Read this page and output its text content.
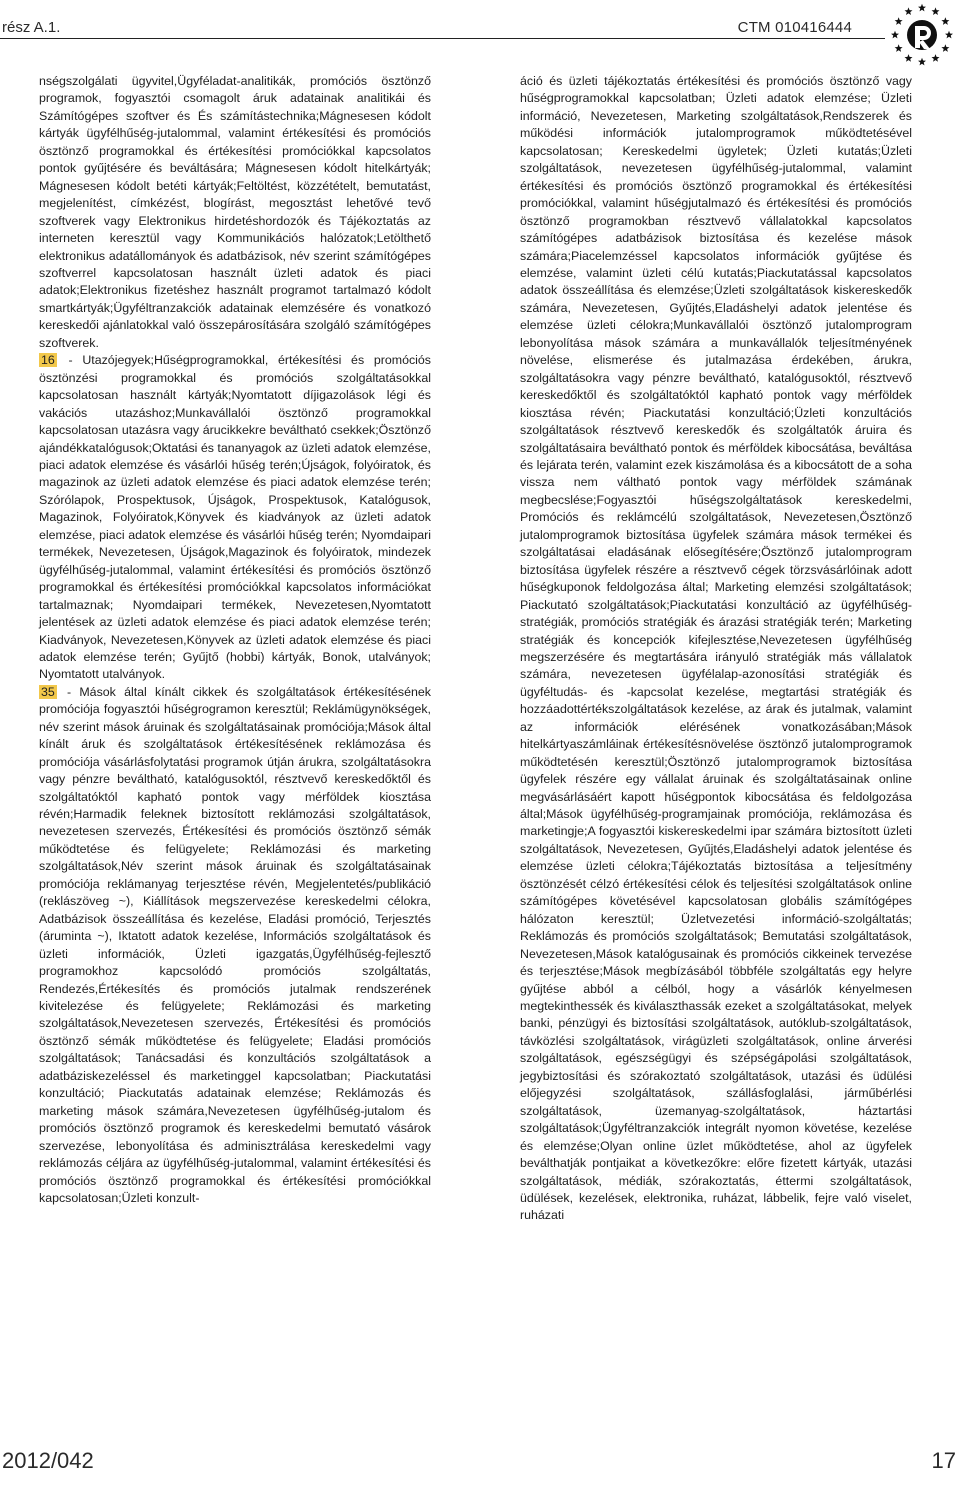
rész A.1.	CTM 010416444

nségszolgálati ügyvitel,Ügyféladat-analitikák, promóciós ösztönző programok, fogyasztói csomagolt áruk adatainak analitikái és Számítógépes szoftver és És számítástechnika;Mágnesesen kódolt kártyák ügyfélhűség-jutalommal, valamint értékesítési és promóciós ösztönző programokkal és értékesítési promóciókkal kapcsolatos pontok gyűjtésére és beváltására; Mágnesesen kódolt hitelkártyák; Mágnesesen kódolt betéti kártyák;Feltöltést, közzétételt, bemutatást, megjelenítést, címkézést, blogírást, megosztást lehetővé tevő szoftverek vagy Elektronikus hirdetéshordozók és Tájékoztatás az interneten keresztül vagy Kommunikációs halózatok;Letölthető elektronikus adatállományok és adatbázisok, név szerint számítógépes szoftverrel kapcsolatosan használt üzleti adatok és piaci adatok;Elektronikus fizetéshez használt programot tartalmazó kódolt smartkártyák;Ügyféltranzakciók adatainak elemzésére és vonatkozó kereskedői ajánlatokkal való összepárosítására szolgáló számítógépes szoftverek.

16 - Utazójegyek;Hűségprogramokkal, értékesítési és promóciós ösztönzési programokkal és promóciós szolgáltatásokkal kapcsolatosan használt kártyák;Nyomtatott díjigazolások légi és vakációs utazáshoz;Munkavállalói ösztönző programokkal kapcsolatosan utazásra vagy árucikkekre beváltható csekkek;Ösztönző ajándékkatalógusok;Oktatási és tananyagok az üzleti adatok elemzése, piaci adatok elemzése és vásárlói hűség terén;Újságok, folyóiratok, és magazinok az üzleti adatok elemzése és piaci adatok elemzése terén; Szórólapok, Prospektusok, Újságok, Prospektusok, Katalógusok, Magazinok, Folyóiratok,Könyvek és kiadványok az üzleti adatok elemzése, piaci adatok elemzése és vásárlói hűség terén; Nyomdaipari termékek, Nevezetesen, Újságok,Magazinok és folyóiratok, mindezek ügyfélhűség-jutalommal, valamint értékesítési és promóciós ösztönző programokkal és értékesítési promóciókkal kapcsolatos információkat tartalmaznak; Nyomdaipari termékek, Nevezetesen,Nyomtatott jelentések az üzleti adatok elemzése és piaci adatok elemzése terén; Kiadványok, Nevezetesen,Könyvek az üzleti adatok elemzése és piaci adatok elemzése terén; Gyűjtő (hobbi) kártyák, Bonok, utalványok; Nyomtatott utalványok.

35 - Mások által kínált cikkek és szolgáltatások értékesítésének promóciója fogyasztói hűségrogramon keresztül; Reklámügynökségek, név szerint mások áruinak és szolgáltatásainak promóciója;Mások által kínált áruk és szolgáltatások értékesítésének reklámozása és promóciója vásárlásfolytatási programok útján árukra, szolgáltatásokra vagy pénzre beváltható, katalógusoktól, résztvevő kereskedőktől és szolgáltatóktól kapható pontok vagy mérföldek kiosztása révén;Harmadik feleknek biztosított reklámozási szolgáltatások, nevezetesen szervezés, Értékesítési és promóciós ösztönző sémák működtetése és felügyelete; Reklámozási és marketing szolgáltatások,Név szerint mások áruinak és szolgáltatásainak promóciója reklámanyag terjesztése révén, Megjelentetés/publikáció (reklászöveg ~), Kiállítások megszervezése kereskedelmi célokra, Adatbázisok összeállítása és kezelése, Eladási promóció, Terjesztés (áruminta ~), Iktatott adatok kezelése, Információs szolgáltatások és üzleti információk, Üzleti igazgatás,Ügyfélhűség-fejlesztő programokhoz kapcsolódó promóciós szolgáltatás, Rendezés,Értékesítés és promóciós jutalmak rendszerének kivitelezése és felügyelete; Reklámozási és marketing szolgáltatások,Nevezetesen szervezés, Értékesítési és promóciós ösztönző sémák működtetése és felügyelete; Eladási promóciós szolgáltatások; Tanácsadási és konzultációs szolgáltatások a adatbáziskezeléssel és marketinggel kapcsolatban; Piackutatási konzultáció; Piackutatás adatainak elemzése; Reklámozás és marketing mások számára,Nevezetesen ügyfélhűség-jutalom és promóciós ösztönző programok és kereskedelmi bemutató vásárok szervezése, lebonyolítása és adminisztrálása kereskedelmi vagy reklámozás céljára az ügyfélhűség-jutalommal, valamint értékesítési és promóciós ösztönző programokkal és értékesítési promóciókkal kapcsolatosan;Üzleti konzult-

áció és üzleti tájékoztatás értékesítési és promóciós ösztönző vagy hűségprogramokkal kapcsolatban; Üzleti adatok elemzése; Üzleti információ, Nevezetesen, Marketing szolgáltatások,Rendszerek és működési információk jutalomprogramok működtetésével kapcsolatosan; Kereskedelmi ügyletek; Üzleti kutatás;Üzleti szolgáltatások, nevezetesen ügyfélhűség-jutalommal, valamint értékesítési és promóciós ösztönző programokkal és értékesítési promóciókkal, valamint hűségjutalmazó és értékesítési és promóciós ösztönző programokban résztvevő vállalatokkal kapcsolatos számítógépes adatbázisok biztosítása és kezelése mások számára;Piacelemzéssel kapcsolatos információk gyűjtése és elemzése, valamint üzleti célú kutatás;Piackutatással kapcsolatos adatok összeállítása és elemzése;Üzleti szolgáltatások kiskereskedők számára, Nevezetesen, Gyűjtés,Eladáshelyi adatok jelentése és elemzése üzleti célokra;Munkavállalói ösztönző jutalomprogram lebonyolítása mások számára a munkavállalók teljesítményének növelése, elismerése és jutalmazása érdekében, árukra, szolgáltatásokra vagy pénzre beváltható, katalógusoktól, résztvevő kereskedőktől és szolgáltatóktól kapható pontok vagy mérföldek kiosztása révén; Piackutatási konzultáció;Üzleti konzultációs szolgáltatások résztvevő kereskedők és szolgáltatók áruira és szolgáltatásaira beváltható pontok és mérföldek kibocsátása, beváltása és lejárata terén, valamint ezek kiszámolása és a kibocsátott de a soha vissza nem váltható pontok vagy mérföldek számának megbecslése;Fogyasztói hűségszolgáltatások kereskedelmi, Promóciós és reklámcélú szolgáltatások, Nevezetesen,Ösztönző jutalomprogramok biztosítása ügyfelek számára mások termékei és szolgáltatásai eladásának elősegítésére;Ösztönző jutalomprogram biztosítása ügyfelek részére a résztvevő cégek törzsvásárlóinak adott hűségkuponok feldolgozása által; Marketing elemzési szolgáltatások; Piackutató szolgáltatások;Piackutatási konzultáció az ügyfélhűség-stratégiák, promóciós stratégiák és árazási stratégiák terén; Marketing stratégiák és koncepciók kifejlesztése,Nevezetesen ügyfélhűség megszerzésére és megtartására irányuló stratégiák más vállalatok számára, nevezetesen ügyfélalap-azonosítási stratégiák és ügyféltudás- és -kapcsolat kezelése, megtartási stratégiák és hozzáadottértékszolgáltatások kezelése, az árak és jutalmak, valamint az információk elérésének vonatkozásában;Mások hitelkártyaszámláinak értékesítésnövelése ösztönző jutalomprogramok működtetésén keresztül;Ösztönző jutalomprogramok biztosítása ügyfelek részére egy vállalat áruinak és szolgáltatásainak online megvásárlásáért kapott hűségpontok kibocsátása és feldolgozása által;Mások ügyfélhűség-programjainak promóciója, reklámozása és marketingje;A fogyasztói kiskereskedelmi ipar számára biztosított üzleti szolgáltatások, Nevezetesen, Gyűjtés,Eladáshelyi adatok jelentése és elemzése üzleti célokra;Tájékoztatás biztosítása a teljesítmény ösztönzését célzó értékesítési célok és teljesítési szolgáltatások online számítógépes követésével kapcsolatosan globális számítógépes hálózaton keresztül; Üzletvezetési információ-szolgáltatás; Reklámozás és promóciós szolgáltatások; Bemutatási szolgáltatások, Nevezetesen,Mások katalógusainak és promóciós cikkeinek tervezése és terjesztése;Mások megbízásából többféle szolgáltatás egy helyre gyűjtése abból a célból, hogy a vásárlók kényelmesen megtekinthessék és kiválaszthassák ezeket a szolgáltatásokat, melyek banki, pénzügyi és biztosítási szolgáltatások, autóklub-szolgáltatások, távközlési szolgáltatások, virágüzleti szolgáltatások, online árverési szolgáltatások, egészségügyi és szépségápolási szolgáltatások, jegybiztosítási és szórakoztató szolgáltatások, utazási és üdülési előjegyzési szolgáltatások, szállásfoglalási, járműbérlési szolgáltatások, üzemanyag-szolgáltatások, háztartási szolgáltatások;Ügyféltranzakciók integrált nyomon követése, kezelése és elemzése;Olyan online üzlet működtetése, ahol az ügyfelek beválthatják pontjaikat a következőkre: előre fizetett kártyák, utazási szolgáltatások, médiák, szórakoztatás, éttermi szolgáltatások, üdülések, kezelések, elektronika, ruházat, lábbelik, fejre való viselet, ruházati

2012/042	17
